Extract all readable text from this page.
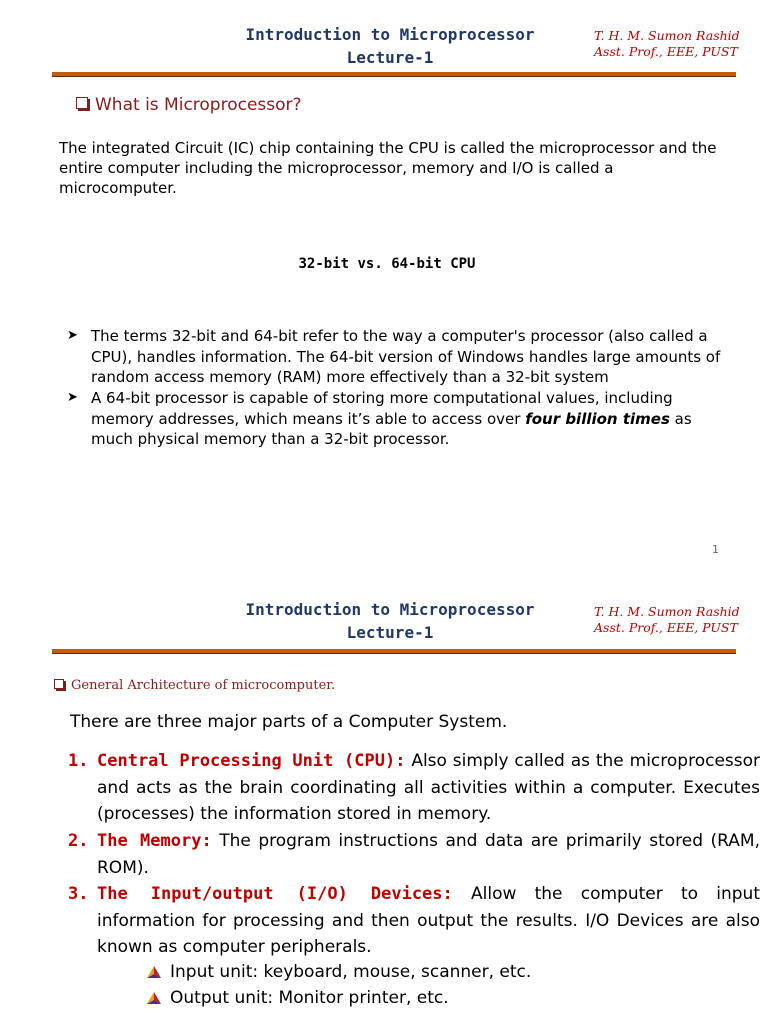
Introduction to Microprocessor
Lecture-1
T. H. M. Sumon Rashid
Asst. Prof., EEE, PUST
What is Microprocessor?
The integrated Circuit (IC) chip containing the CPU is called the microprocessor and the entire computer including the microprocessor, memory and I/O is called a microcomputer.
32-bit vs. 64-bit CPU
➤ The terms 32-bit and 64-bit refer to the way a computer's processor (also called a CPU), handles information. The 64-bit version of Windows handles large amounts of random access memory (RAM) more effectively than a 32-bit system
➤ A 64-bit processor is capable of storing more computational values, including memory addresses, which means it’s able to access over four billion times as much physical memory than a 32-bit processor.
1
Introduction to Microprocessor
Lecture-1
T. H. M. Sumon Rashid
Asst. Prof., EEE, PUST
General Architecture of microcomputer.
There are three major parts of a Computer System.
1. Central Processing Unit (CPU): Also simply called as the microprocessor and acts as the brain coordinating all activities within a computer. Executes (processes) the information stored in memory.
2. The Memory: The program instructions and data are primarily stored (RAM, ROM).
3. The Input/output (I/O) Devices: Allow the computer to input information for processing and then output the results. I/O Devices are also known as computer peripherals.
Input unit: keyboard, mouse, scanner, etc.
Output unit: Monitor printer, etc.
